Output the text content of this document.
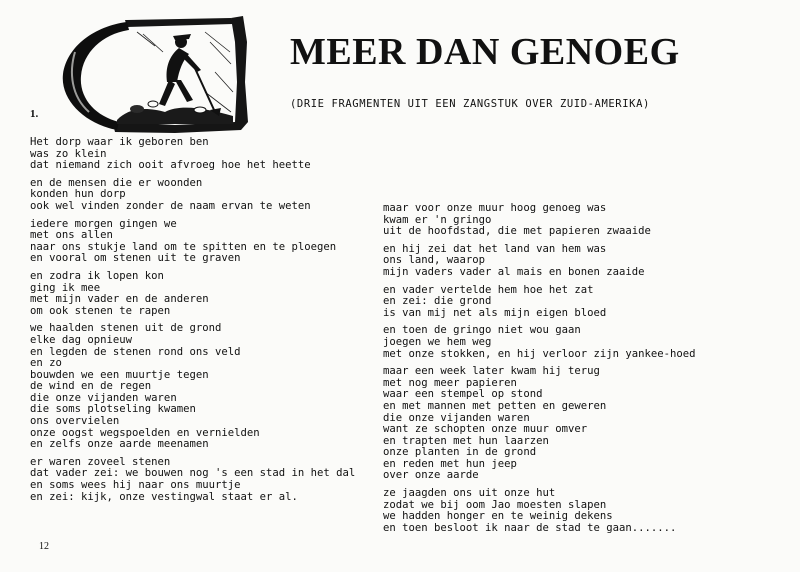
MEER DAN GENOEG

(DRIE FRAGMENTEN UIT EEN ZANGSTUK OVER ZUID-AMERIKA)

1.
Het dorp waar ik geboren ben
was zo klein
dat niemand zich ooit afvroeg hoe het heette
en de mensen die er woonden
konden hun dorp
ook wel vinden zonder de naam ervan te weten
iedere morgen gingen we
met ons allen
naar ons stukje land om te spitten en te ploegen
en vooral om stenen uit te graven
en zodra ik lopen kon
ging ik mee
met mijn vader en de anderen
om ook stenen te rapen
we haalden stenen uit de grond
elke dag opnieuw
en legden de stenen rond ons veld
en zo
bouwden we een muurtje tegen
de wind en de regen
die onze vijanden waren
die soms plotseling kwamen
ons overvielen
onze oogst wegspoelden en vernielden
en zelfs onze aarde meenamen
er waren zoveel stenen
dat vader zei: we bouwen nog 's een stad in het dal
en soms wees hij naar ons muurtje
en zei: kijk, onze vestingwal staat er al.
maar voor onze muur hoog genoeg was
kwam er 'n gringo
uit de hoofdstad, die met papieren zwaaide
en hij zei dat het land van hem was
ons land, waarop
mijn vaders vader al mais en bonen zaaide
en vader vertelde hem hoe het zat
en zei: die grond
is van mij net als mijn eigen bloed
en toen de gringo niet wou gaan
joegen we hem weg
met onze stokken, en hij verloor zijn yankee-hoed
maar een week later kwam hij terug
met nog meer papieren
waar een stempel op stond
en met mannen met petten en geweren
die onze vijanden waren
want ze schopten onze muur omver
en trapten met hun laarzen
onze planten in de grond
en reden met hun jeep
over onze aarde
ze jaagden ons uit onze hut
zodat we bij oom Jao moesten slapen
we hadden honger en te weinig dekens
en toen besloot ik naar de stad te gaan.......
12
